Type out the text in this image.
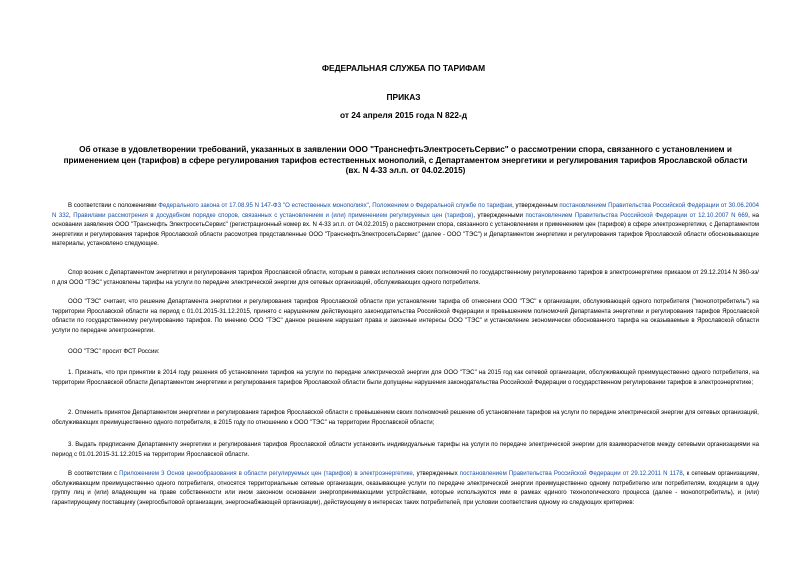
ФЕДЕРАЛЬНАЯ СЛУЖБА ПО ТАРИФАМ

ПРИКАЗ

от 24 апреля 2015 года N 822-д

Об отказе в удовлетворении требований, указанных в заявлении ООО "ТранснефтьЭлектросетьСервис" о рассмотрении спора, связанного с установлением и применением цен (тарифов) в сфере регулирования тарифов естественных монополий, с Департаментом энергетики и регулирования тарифов Ярославской области
(вх. N 4-33 эл.п. от 04.02.2015)

В соответствии с положениями Федерального закона от 17.08.95 N 147-ФЗ "О естественных монополиях", Положением о Федеральной службе по тарифам, утвержденным постановлением Правительства Российской Федерации от 30.06.2004 N 332, Правилами рассмотрения в досудебном порядке споров, связанных с установлением и (или) применением регулируемых цен (тарифов), утвержденными постановлением Правительства Российской Федерации от 12.10.2007 N 669, на основании заявления ООО "Транснефть ЭлектросетьСервис" (регистрационный номер вх. N 4-33 эл.п. от 04.02.2015) о рассмотрении спора, связанного с установлением и применением цен (тарифов) в сфере электроэнергетики, с Департаментом энергетики и регулирования тарифов Ярославской области рассмотрев представленные ООО "ТранснефтьЭлектросетьСервис" (далее - ООО "ТЭС") и Департаментом энергетики и регулирования тарифов Ярославской области обосновывающие материалы, установлено следующее.

Спор возник с Департаментом энергетики и регулирования тарифов Ярославской области, которым в рамках исполнения своих полномочий по государственному регулированию тарифов в электроэнергетике приказом от 29.12.2014 N 360-ээ/п для ООО "ТЭС" установлены тарифы на услуги по передаче электрической энергии для сетевых организаций, обслуживающих одного потребителя.

ООО "ТЭС" считает, что решение Департамента энергетики и регулирования тарифов Ярославской области при установлении тарифа об отнесении ООО "ТЭС" к организации, обслуживающей одного потребителя ("монопотребитель") на территории Ярославской области на период с 01.01.2015-31.12.2015, принято с нарушением действующего законодательства Российской Федерации и превышением полномочий Департамента энергетики и регулирования тарифов Ярославской области по государственному регулированию тарифов. По мнению ООО "ТЭС" данное решение нарушает права и законные интересы ООО "ТЭС" и установление экономически обоснованного тарифа на оказываемые в Ярославской области услуги по передаче электроэнергии.

ООО "ТЭС" просит ФСТ России:

1. Признать, что при принятии в 2014 году решения об установлении тарифов на услуги по передаче электрической энергии для ООО "ТЭС" на 2015 год как сетевой организации, обслуживающей преимущественно одного потребителя, на территории Ярославской области Департаментом энергетики и регулирования тарифов Ярославской области были допущены нарушения законодательства Российской Федерации о государственном регулировании тарифов в электроэнергетике;

2. Отменить принятое Департаментом энергетики и регулирования тарифов Ярославской области с превышением своих полномочий решение об установлении тарифов на услуги по передаче электрической энергии для сетевых организаций, обслуживающих преимущественно одного потребителя, в 2015 году по отношению к ООО "ТЭС" на территории Ярославской области;

3. Выдать предписание Департаменту энергетики и регулирования тарифов Ярославской области установить индивидуальные тарифы на услуги по передаче электрической энергии для взаиморасчетов между сетевыми организациями на период с 01.01.2015-31.12.2015 на территории Ярославской области.

В соответствии с Приложением 3 Основ ценообразования в области регулируемых цен (тарифов) в электроэнергетике, утвержденных постановлением Правительства Российской Федерации от 29.12.2011 N 1178, к сетевым организациям, обслуживающим преимущественно одного потребителя, относятся территориальные сетевые организации, оказывающие услуги по передаче электрической энергии преимущественно одному потребителю или потребителям, входящим в одну группу лиц и (или) владеющим на праве собственности или ином законном основании энергопринимающими устройствами, которые используются ими в рамках единого технологического процесса (далее - монопотребитель), и (или) гарантирующему поставщику (энергосбытовой организации, энергоснабжающей организации), действующему в интересах таких потребителей, при условии соответствия одному из следующих критериев:
